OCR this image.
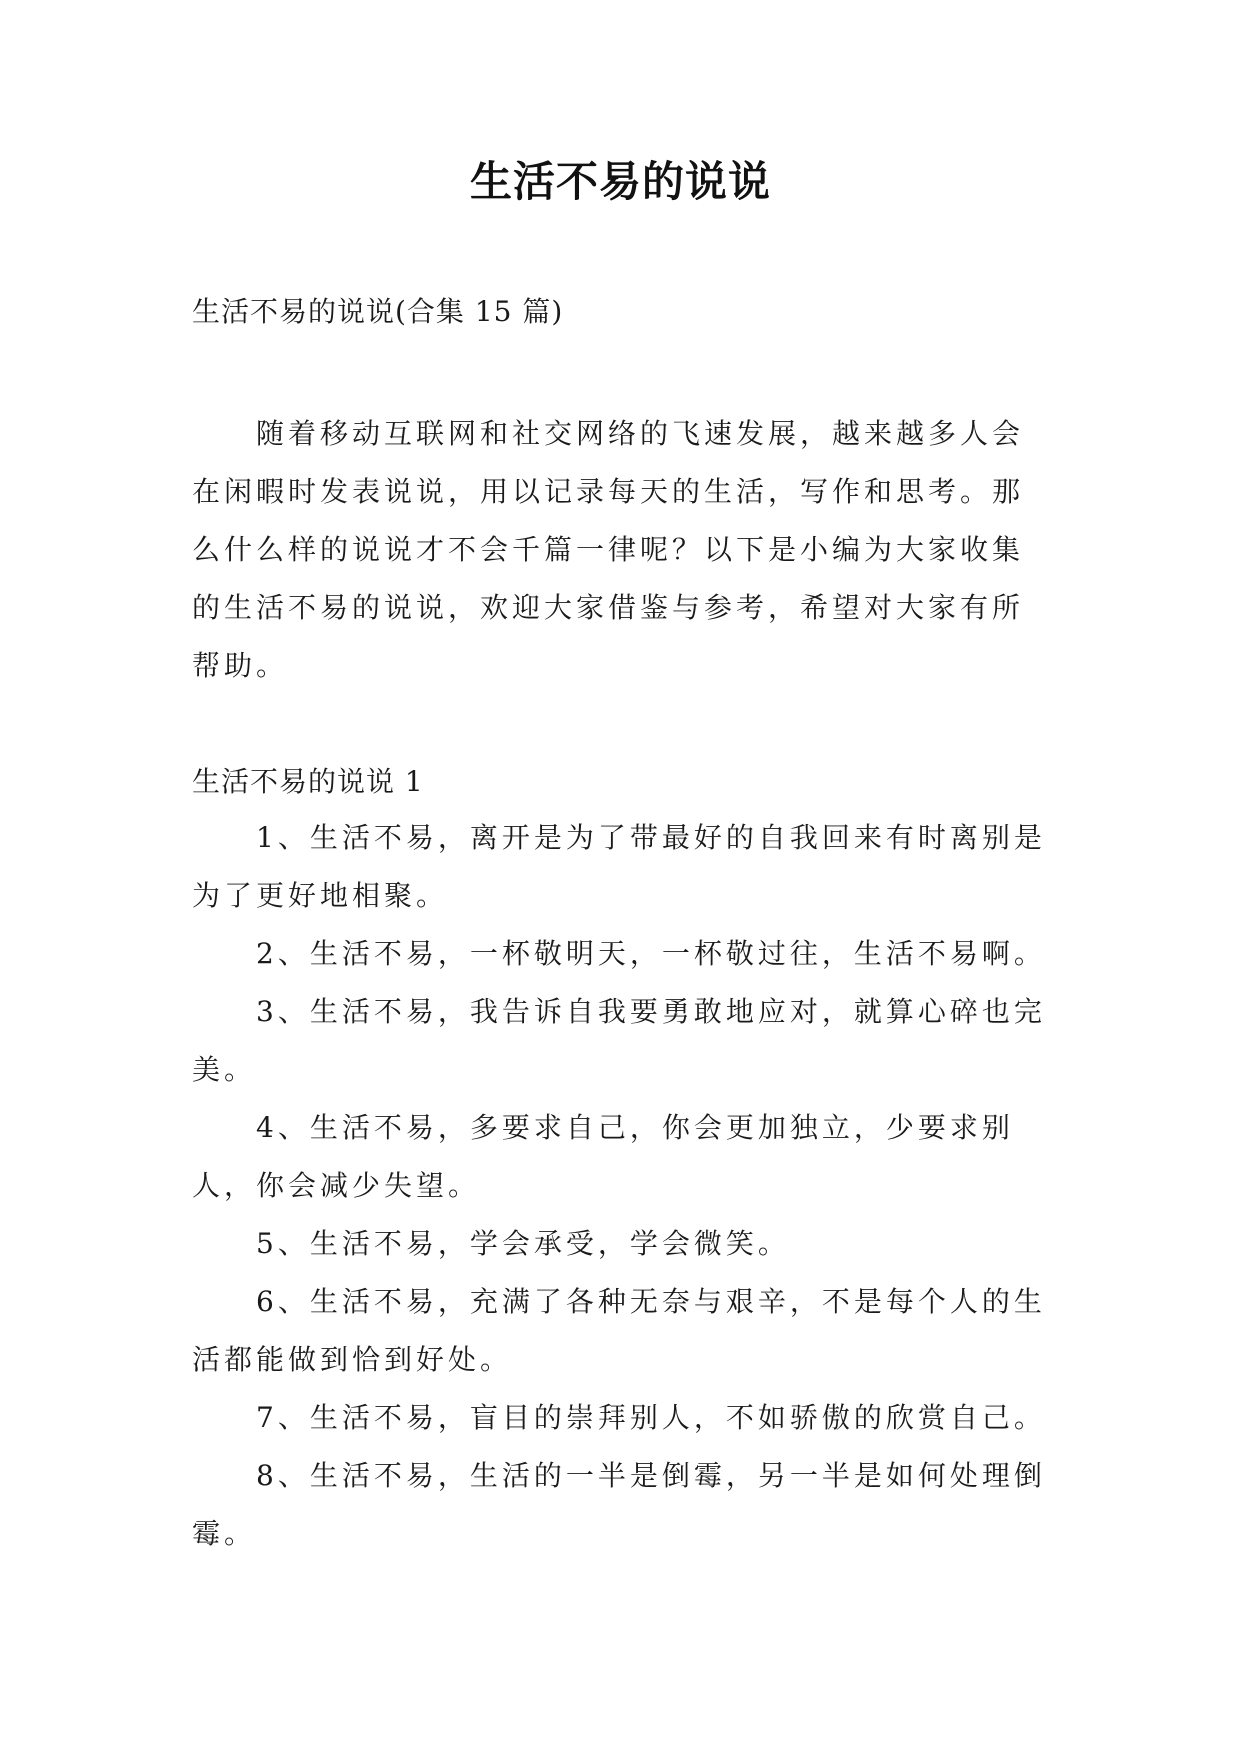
生活不易的说说
生活不易的说说(合集 15 篇)

随着移动互联网和社交网络的飞速发展，越来越多人会在闲暇时发表说说，用以记录每天的生活，写作和思考。那么什么样的说说才不会千篇一律呢？以下是小编为大家收集的生活不易的说说，欢迎大家借鉴与参考，希望对大家有所帮助。

生活不易的说说 1

1、生活不易，离开是为了带最好的自我回来有时离别是为了更好地相聚。

2、生活不易，一杯敬明天，一杯敬过往，生活不易啊。

3、生活不易，我告诉自我要勇敢地应对，就算心碎也完美。

4、生活不易，多要求自己，你会更加独立，少要求别人，你会减少失望。

5、生活不易，学会承受，学会微笑。

6、生活不易，充满了各种无奈与艰辛，不是每个人的生活都能做到恰到好处。

7、生活不易，盲目的崇拜别人，不如骄傲的欣赏自己。

8、生活不易，生活的一半是倒霉，另一半是如何处理倒霉。
